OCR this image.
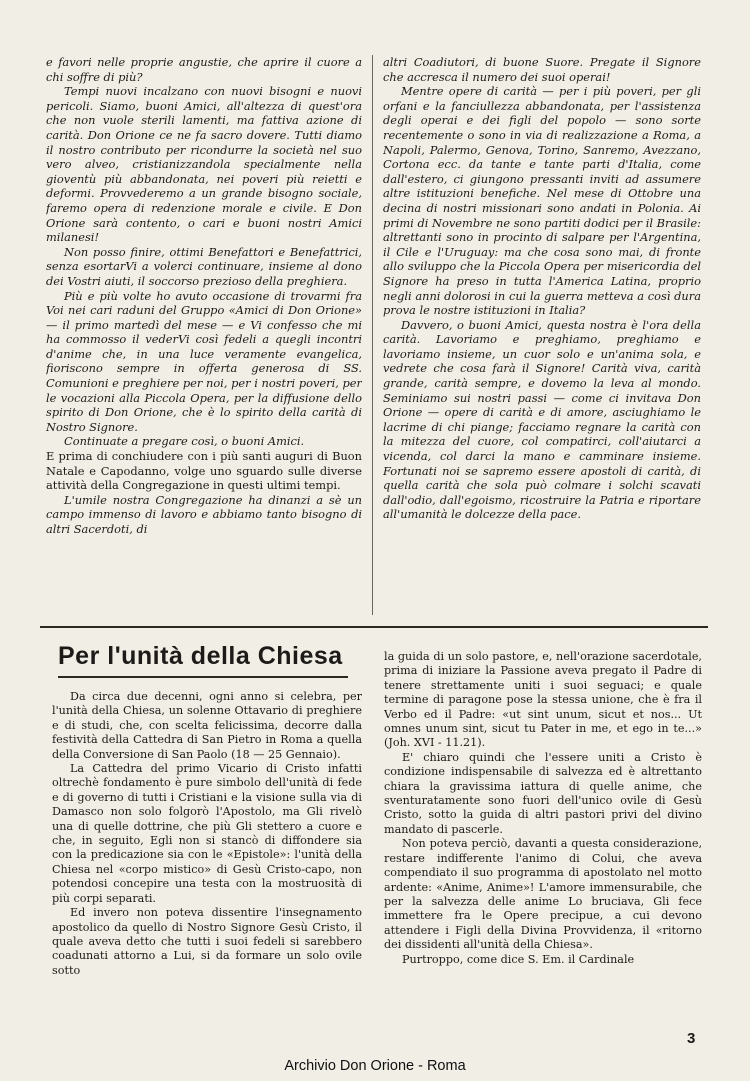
e favori nelle proprie angustie, che aprire il cuore a chi soffre di più?

Tempi nuovi incalzano con nuovi bisogni e nuovi pericoli. Siamo, buoni Amici, all'altezza di quest'ora che non vuole sterili lamenti, ma fattiva azione di carità. Don Orione ce ne fa sacro dovere. Tutti diamo il nostro contributo per ricondurre la società nel suo vero alveo, cristianizzandola specialmente nella gioventù più abbandonata, nei poveri più reietti e deformi. Provvederemo a un grande bisogno sociale, faremo opera di redenzione morale e civile. E Don Orione sarà contento, o cari e buoni nostri Amici milanesi!

Non posso finire, ottimi Benefattori e Benefattrici, senza esortarVi a volerci continuare, insieme al dono dei Vostri aiuti, il soccorso prezioso della preghiera.

Più e più volte ho avuto occasione di trovarmi fra Voi nei cari raduni del Gruppo «Amici di Don Orione» — il primo martedì del mese — e Vi confesso che mi ha commosso il vederVi così fedeli a quegli incontri d'anime che, in una luce veramente evangelica, fioriscono sempre in offerta generosa di SS. Comunioni e preghiere per noi, per i nostri poveri, per le vocazioni alla Piccola Opera, per la diffusione dello spirito di Don Orione, che è lo spirito della carità di Nostro Signore.

Continuate a pregare così, o buoni Amici.

E prima di conchiudere con i più santi auguri di Buon Natale e Capodanno, volge uno sguardo sulle diverse attività della Congregazione in questi ultimi tempi.

L'umile nostra Congregazione ha dinanzi a sè un campo immenso di lavoro e abbiamo tanto bisogno di altri Sacerdoti, di

altri Coadiutori, di buone Suore. Pregate il Signore che accresca il numero dei suoi operai!

Mentre opere di carità — per i più poveri, per gli orfani e la fanciullezza abbandonata, per l'assistenza degli operai e dei figli del popolo — sono sorte recentemente o sono in via di realizzazione a Roma, a Napoli, Palermo, Genova, Torino, Sanremo, Avezzano, Cortona ecc. da tante e tante parti d'Italia, come dall'estero, ci giungono pressanti inviti ad assumere altre istituzioni benefiche. Nel mese di Ottobre una decina di nostri missionari sono andati in Polonia. Ai primi di Novembre ne sono partiti dodici per il Brasile: altrettanti sono in procinto di salpare per l'Argentina, il Cile e l'Uruguay: ma che cosa sono mai, di fronte allo sviluppo che la Piccola Opera per misericordia del Signore ha preso in tutta l'America Latina, proprio negli anni dolorosi in cui la guerra metteva a così dura prova le nostre istituzioni in Italia?

Davvero, o buoni Amici, questa nostra è l'ora della carità. Lavoriamo e preghiamo, preghiamo e lavoriamo insieme, un cuor solo e un'anima sola, e vedrete che cosa farà il Signore! Carità viva, carità grande, carità sempre, e dovemo la leva al mondo. Seminiamo sui nostri passi — come ci invitava Don Orione — opere di carità e di amore, asciughiamo le lacrime di chi piange; facciamo regnare la carità con la mitezza del cuore, col compatirci, coll'aiutarci a vicenda, col darci la mano e camminare insieme. Fortunati noi se sapremo essere apostoli di carità, di quella carità che sola può colmare i solchi scavati dall'odio, dall'egoismo, ricostruire la Patria e riportare all'umanità le dolcezze della pace.

Per l'unità della Chiesa

Da circa due decenni, ogni anno si celebra, per l'unità della Chiesa, un solenne Ottavario di preghiere e di studi, che, con scelta felicissima, decorre dalla festività della Cattedra di San Pietro in Roma a quella della Conversione di San Paolo (18 — 25 Gennaio).

La Cattedra del primo Vicario di Cristo infatti oltrechè fondamento è pure simbolo dell'unità di fede e di governo di tutti i Cristiani e la visione sulla via di Damasco non solo folgorò l'Apostolo, ma Gli rivelò una di quelle dottrine, che più Gli stettero a cuore e che, in seguito, Egli non si stancò di diffondere sia con la predicazione sia con le «Epistole»: l'unità della Chiesa nel «corpo mistico» di Gesù Cristo-capo, non potendosi concepire una testa con la mostruosità di più corpi separati.

Ed invero non poteva dissentire l'insegnamento apostolico da quello di Nostro Signore Gesù Cristo, il quale aveva detto che tutti i suoi fedeli si sarebbero coadunati attorno a Lui, si da formare un solo ovile sotto

la guida di un solo pastore, e, nell'orazione sacerdotale, prima di iniziare la Passione aveva pregato il Padre di tenere strettamente uniti i suoi seguaci; e quale termine di paragone pose la stessa unione, che è fra il Verbo ed il Padre: «ut sint unum, sicut et nos... Ut omnes unum sint, sicut tu Pater in me, et ego in te...» (Joh. XVI - 11.21).

E' chiaro quindi che l'essere uniti a Cristo è condizione indispensabile di salvezza ed è altrettanto chiara la gravissima iattura di quelle anime, che sventuratamente sono fuori dell'unico ovile di Gesù Cristo, sotto la guida di altri pastori privi del divino mandato di pascerle.

Non poteva perciò, davanti a questa considerazione, restare indifferente l'animo di Colui, che aveva compendiato il suo programma di apostolato nel motto ardente: «Anime, Anime»! L'amore immensurabile, che per la salvezza delle anime Lo bruciava, Gli fece immettere fra le Opere precipue, a cui devono attendere i Figli della Divina Provvidenza, il «ritorno dei dissidenti all'unità della Chiesa».

Purtroppo, come dice S. Em. il Cardinale

3
Archivio Don Orione - Roma
